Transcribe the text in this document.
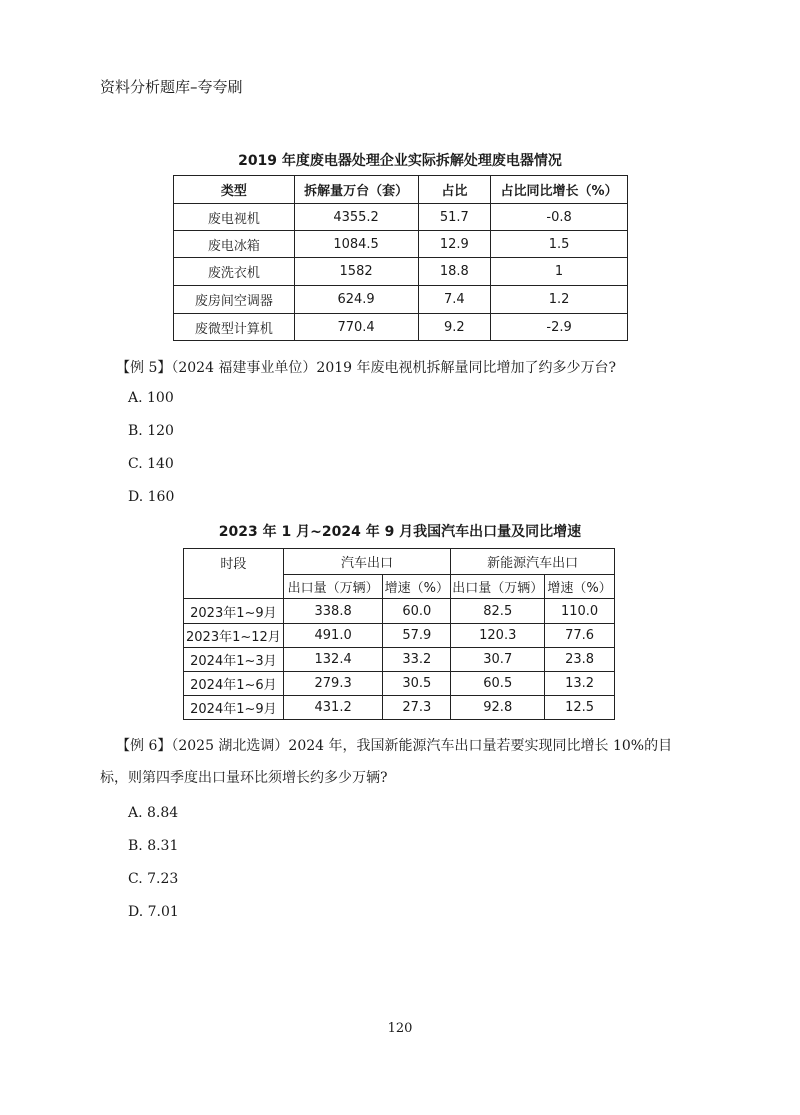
资料分析题库–夸夸刷
2019 年度废电器处理企业实际拆解处理废电器情况
类型	拆解量万台（套）	占比	占比同比增长（%）
废电视机	4355.2	51.7	-0.8
废电冰箱	1084.5	12.9	1.5
废洗衣机	1582	18.8	1
废房间空调器	624.9	7.4	1.2
废微型计算机	770.4	9.2	-2.9
【例 5】（2024 福建事业单位）2019 年废电视机拆解量同比增加了约多少万台?
A. 100
B. 120
C. 140
D. 160
2023 年 1 月~2024 年 9 月我国汽车出口量及同比增速
时段	汽车出口		新能源汽车出口	
	出口量（万辆）	增速（%）	出口量（万辆）	增速（%）
2023年1~9月	338.8	60.0	82.5	110.0
2023年1~12月	491.0	57.9	120.3	77.6
2024年1~3月	132.4	33.2	30.7	23.8
2024年1~6月	279.3	30.5	60.5	13.2
2024年1~9月	431.2	27.3	92.8	12.5
【例 6】（2025 湖北选调）2024 年，我国新能源汽车出口量若要实现同比增长 10%的目
标，则第四季度出口量环比须增长约多少万辆?
A. 8.84
B. 8.31
C. 7.23
D. 7.01
120
